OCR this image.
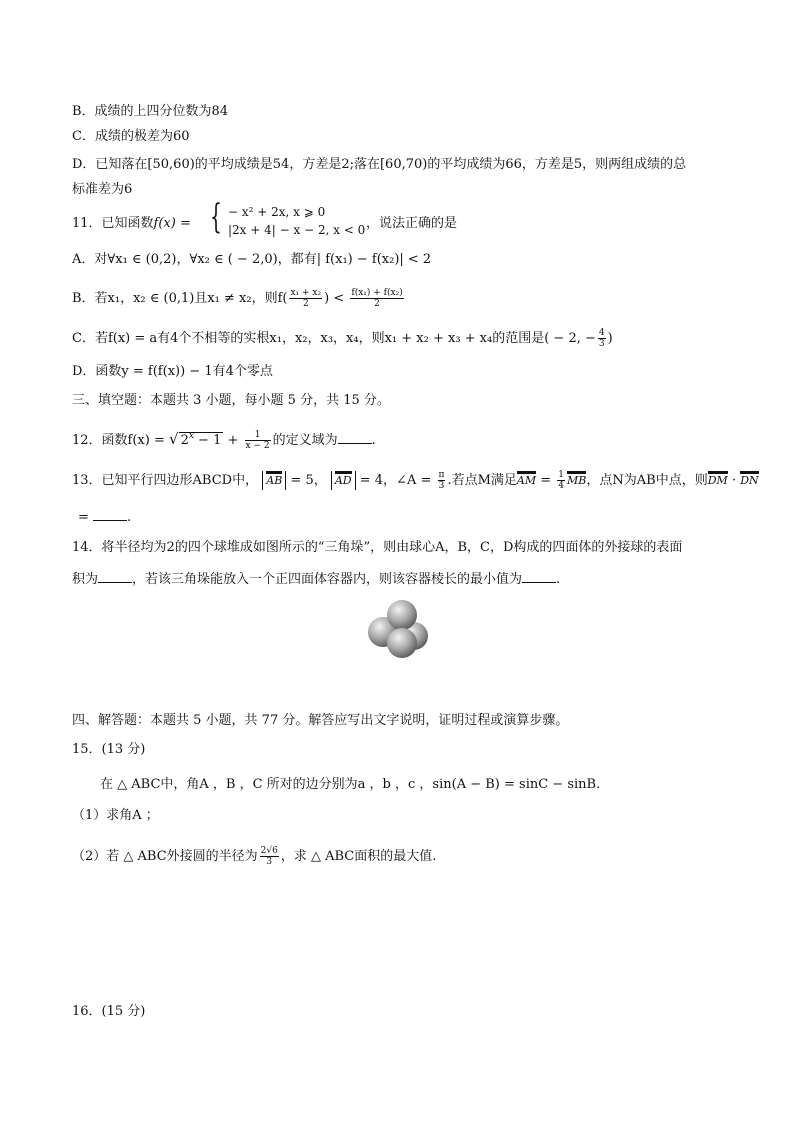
B．成绩的上四分位数为84
C．成绩的极差为60
D．已知落在[50,60)的平均成绩是54，方差是2;落在[60,70)的平均成绩为66，方差是5，则两组成绩的总
标准差为6
11．已知函数f(x) = { − x² + 2x, x ⩾ 0
|2x + 4| − x − 2, x < 0 ，说法正确的是
A．对∀x₁ ∈ (0,2)，∀x₂ ∈ ( − 2,0)，都有| f(x₁) − f(x₂)| < 2
B．若x₁，x₂ ∈ (0,1)且x₁ ≠ x₂，则$f( \frac{\text{x₁ + x₂}}{2}$ ) < $\frac{\text{f(x₁) + f(x₂)}}{2}$
C．若f(x) = a有4个不相等的实根x₁，x₂，x₃，x₄，则x₁ + x₂ + x₃ + x₄的范围是( − 2, − $\frac{4}{3}$ )
D．函数y = f(f(x)) − 1有4个零点
三、填空题：本题共 3 小题，每小题 5 分，共 15 分。
12．函数f(x) = √ $2^x - 1 + \frac{1}{x - 2}$ 的定义域为	.
13．已知平行四边形ABCD中， AB = 5， AD = 4，∠A = $\frac{\pi}{3}$ .若点M满足AM = $\frac{1}{4}$ MB，点N为AB中点，则DM · DN
=	.
14．将半径均为2的四个球堆成如图所示的“三角垛”，则由球心A，B，C，D构成的四面体的外接球的表面
积为	，若该三角垛能放入一个正四面体容器内，则该容器棱长的最小值为	.
四、解答题：本题共 5 小题，共 77 分。解答应写出文字说明，证明过程或演算步骤。
15．(13 分)
在 △ ABC中，角A ，B ，C 所对的边分别为a ，b ，c ，sin(A − B) = sinC − sinB.
（1）求角A ；
（2）若 △ ABC外接圆的半径为 $\frac{2√6}{3}$ ，求 △ ABC面积的最大值.
16．(15 分)
